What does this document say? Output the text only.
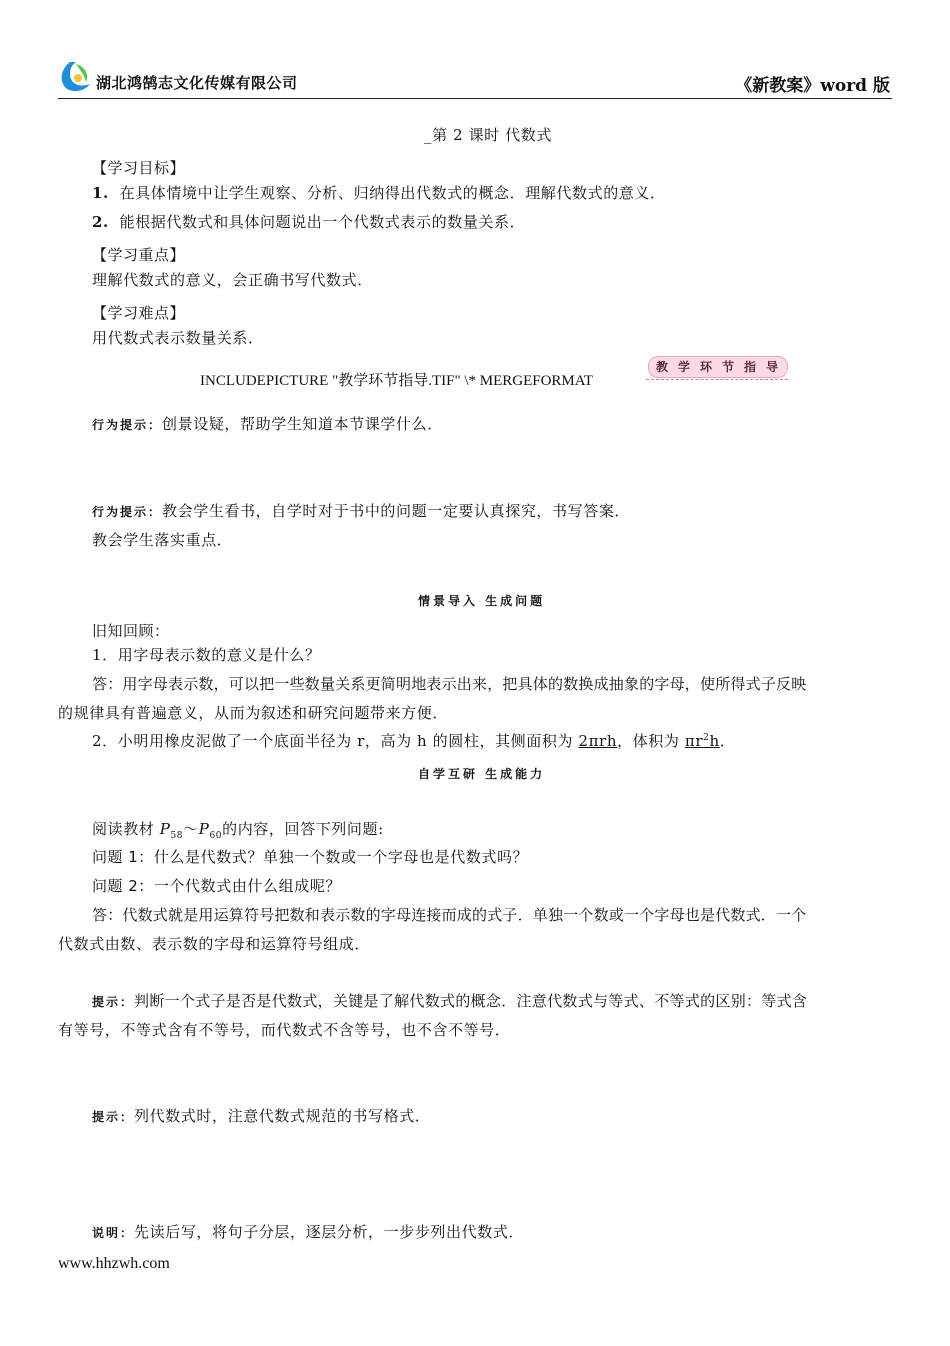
湖北鸿鹄志文化传媒有限公司	《新教案》word 版
_第 2 课时 代数式
【学习目标】
1. 在具体情境中让学生观察、分析、归纳得出代数式的概念．理解代数式的意义．
2. 能根据代数式和具体问题说出一个代数式表示的数量关系．
【学习重点】
理解代数式的意义，会正确书写代数式．
【学习难点】
用代数式表示数量关系．
INCLUDEPICTURE "教学环节指导.TIF" \* MERGEFORMAT
教 学 环 节 指 导
行为提示：创景设疑，帮助学生知道本节课学什么．
行为提示：教会学生看书，自学时对于书中的问题一定要认真探究，书写答案．
教会学生落实重点．
情景导入 生成问题
旧知回顾：
1．用字母表示数的意义是什么？
答：用字母表示数，可以把一些数量关系更简明地表示出来，把具体的数换成抽象的字母，使所得式子反映
的规律具有普遍意义，从而为叙述和研究问题带来方便．
2．小明用橡皮泥做了一个底面半径为 r，高为 h 的圆柱，其侧面积为 2πrh，体积为 $\pi r^2h$．
自学互研 生成能力
阅读教材 $P_{58}\sim P_{60}$的内容，回答下列问题:
问题 1：什么是代数式？单独一个数或一个字母也是代数式吗？
问题 2：一个代数式由什么组成呢？
答：代数式就是用运算符号把数和表示数的字母连接而成的式子．单独一个数或一个字母也是代数式．一个
代数式由数、表示数的字母和运算符号组成．
提示：判断一个式子是否是代数式，关键是了解代数式的概念．注意代数式与等式、不等式的区别：等式含
有等号，不等式含有不等号，而代数式不含等号，也不含不等号．
提示：列代数式时，注意代数式规范的书写格式．
说明：先读后写，将句子分层，逐层分析，一步步列出代数式．
www.hhzwh.com
